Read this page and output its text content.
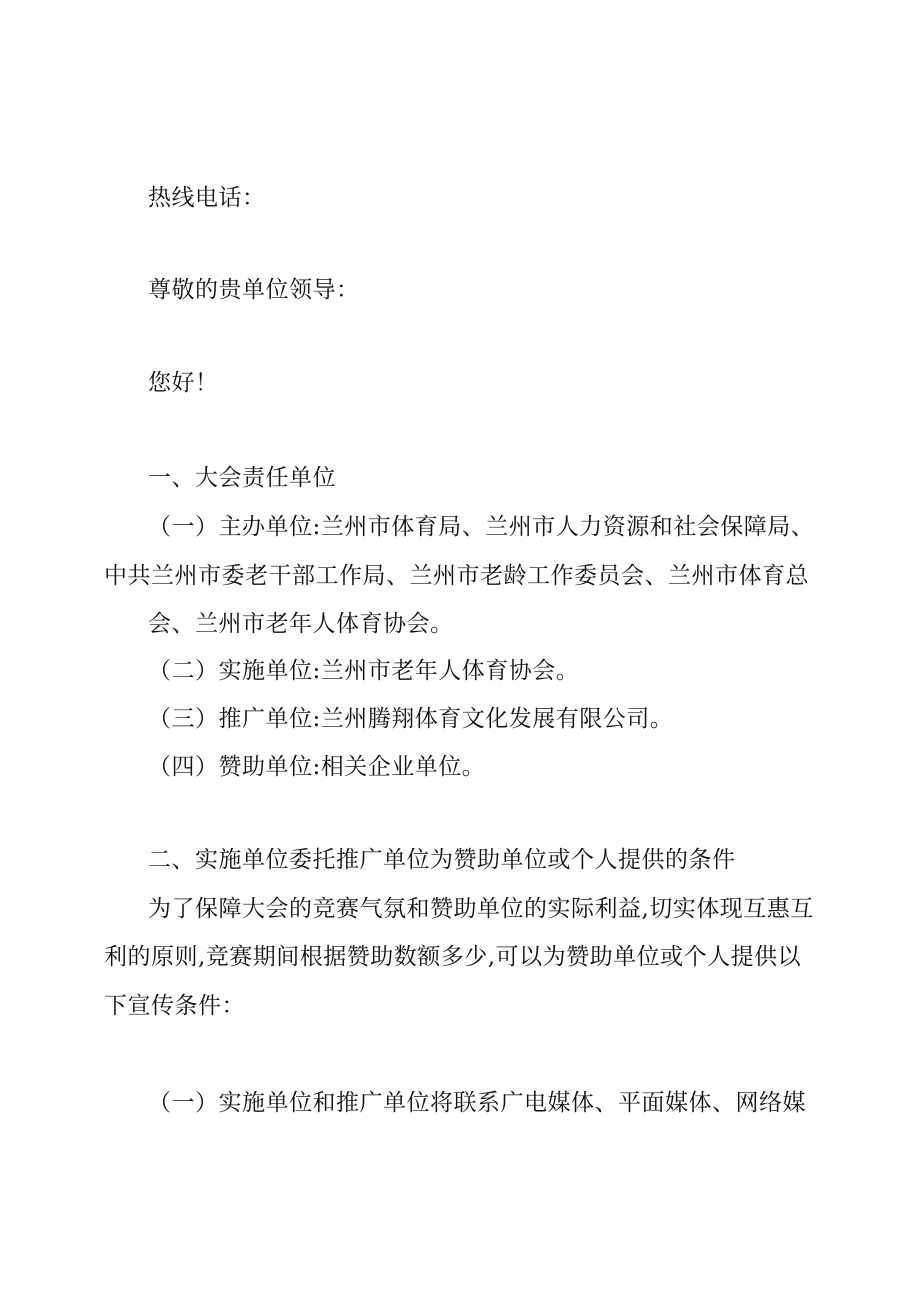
热线电话：
尊敬的贵单位领导：
您好！
一、大会责任单位
（一）主办单位:兰州市体育局、兰州市人力资源和社会保障局、
中共兰州市委老干部工作局、兰州市老龄工作委员会、兰州市体育总
会、兰州市老年人体育协会。
（二）实施单位:兰州市老年人体育协会。
（三）推广单位:兰州腾翔体育文化发展有限公司。
（四）赞助单位:相关企业单位。
二、实施单位委托推广单位为赞助单位或个人提供的条件
为了保障大会的竞赛气氛和赞助单位的实际利益,切实体现互惠互
利的原则,竞赛期间根据赞助数额多少,可以为赞助单位或个人提供以
下宣传条件：
（一）实施单位和推广单位将联系广电媒体、平面媒体、网络媒
